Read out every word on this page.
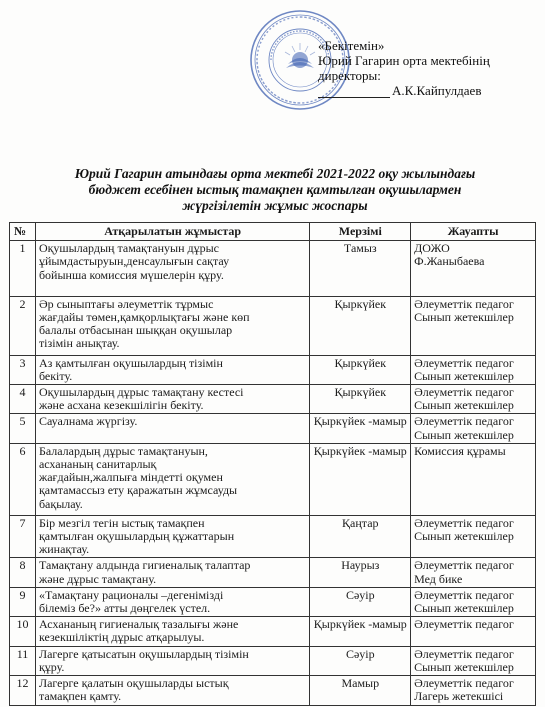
«Бекітемін»
Юрий Гагарин орта мектебінің
директоры:
А.К.Кайпулдаев
Юрий Гагарин атындағы орта мектебі 2021-2022 оқу жылындағы
бюджет есебінен ыстық тамақпен қамтылған оқушылармен
жүргізілетін жұмыс жоспары
№	Атқарылатын жұмыстар	Мерзімі	Жауапты
1	Оқушылардың тамақтануын дұрыс
ұйымдастыруын,денсаулығын сақтау
бойынша комиссия мүшелерін құру.	Тамыз	ДОЖО
Ф.Жаныбаева

2	Әр сыныптағы әлеуметтік тұрмыс
жағдайы төмен,қамқорлықтағы және көп
балалы отбасынан шыққан оқушылар
тізімін анықтау.	Қыркүйек	Әлеуметтік педагог
Сынып жетекшілер

3	Аз қамтылған оқушылардың тізімін
бекіту.	Қыркүйек	Әлеуметтік педагог
Сынып жетекшілер

4	Оқушылардың дұрыс тамақтану кестесі
және асхана кезекшілігін бекіту.	Қыркүйек	Әлеуметтік педагог
Сынып жетекшілер

5	Сауалнама жүргізу.	Қыркүйек -мамыр	Әлеуметтік педагог
Сынып жетекшілер

6	Балалардың дұрыс тамақтануын,
асхананың санитарлық
жағдайын,жалпыға міндетті оқумен
қамтамассыз ету қаражатын жұмсауды
бақылау.	Қыркүйек -мамыр	Комиссия құрамы

7	Бір мезгіл тегін ыстық тамақпен
қамтылған оқушылардың құжаттарын
жинақтау.	Қаңтар	Әлеуметтік педагог
Сынып жетекшілер

8	Тамақтану алдында гигиеналық талаптар
және дұрыс тамақтану.	Наурыз	Әлеуметтік педагог
Мед бике

9	«Тамақтану рационалы –дегенімізді
білеміз бе?» атты дөңгелек үстел.	Сәуір	Әлеуметтік педагог
Сынып жетекшілер

10	Асхананың гигиеналық тазалығы және
кезекшіліктің дұрыс атқарылуы.	Қыркүйек -мамыр	Әлеуметтік педагог

11	Лагерге қатысатын оқушылардың тізімін
құру.	Сәуір	Әлеуметтік педагог
Сынып жетекшілер

12	Лагерге қалатын оқушыларды ыстық
тамақпен қамту.	Мамыр	Әлеуметтік педагог
Лагерь жетекшісі
